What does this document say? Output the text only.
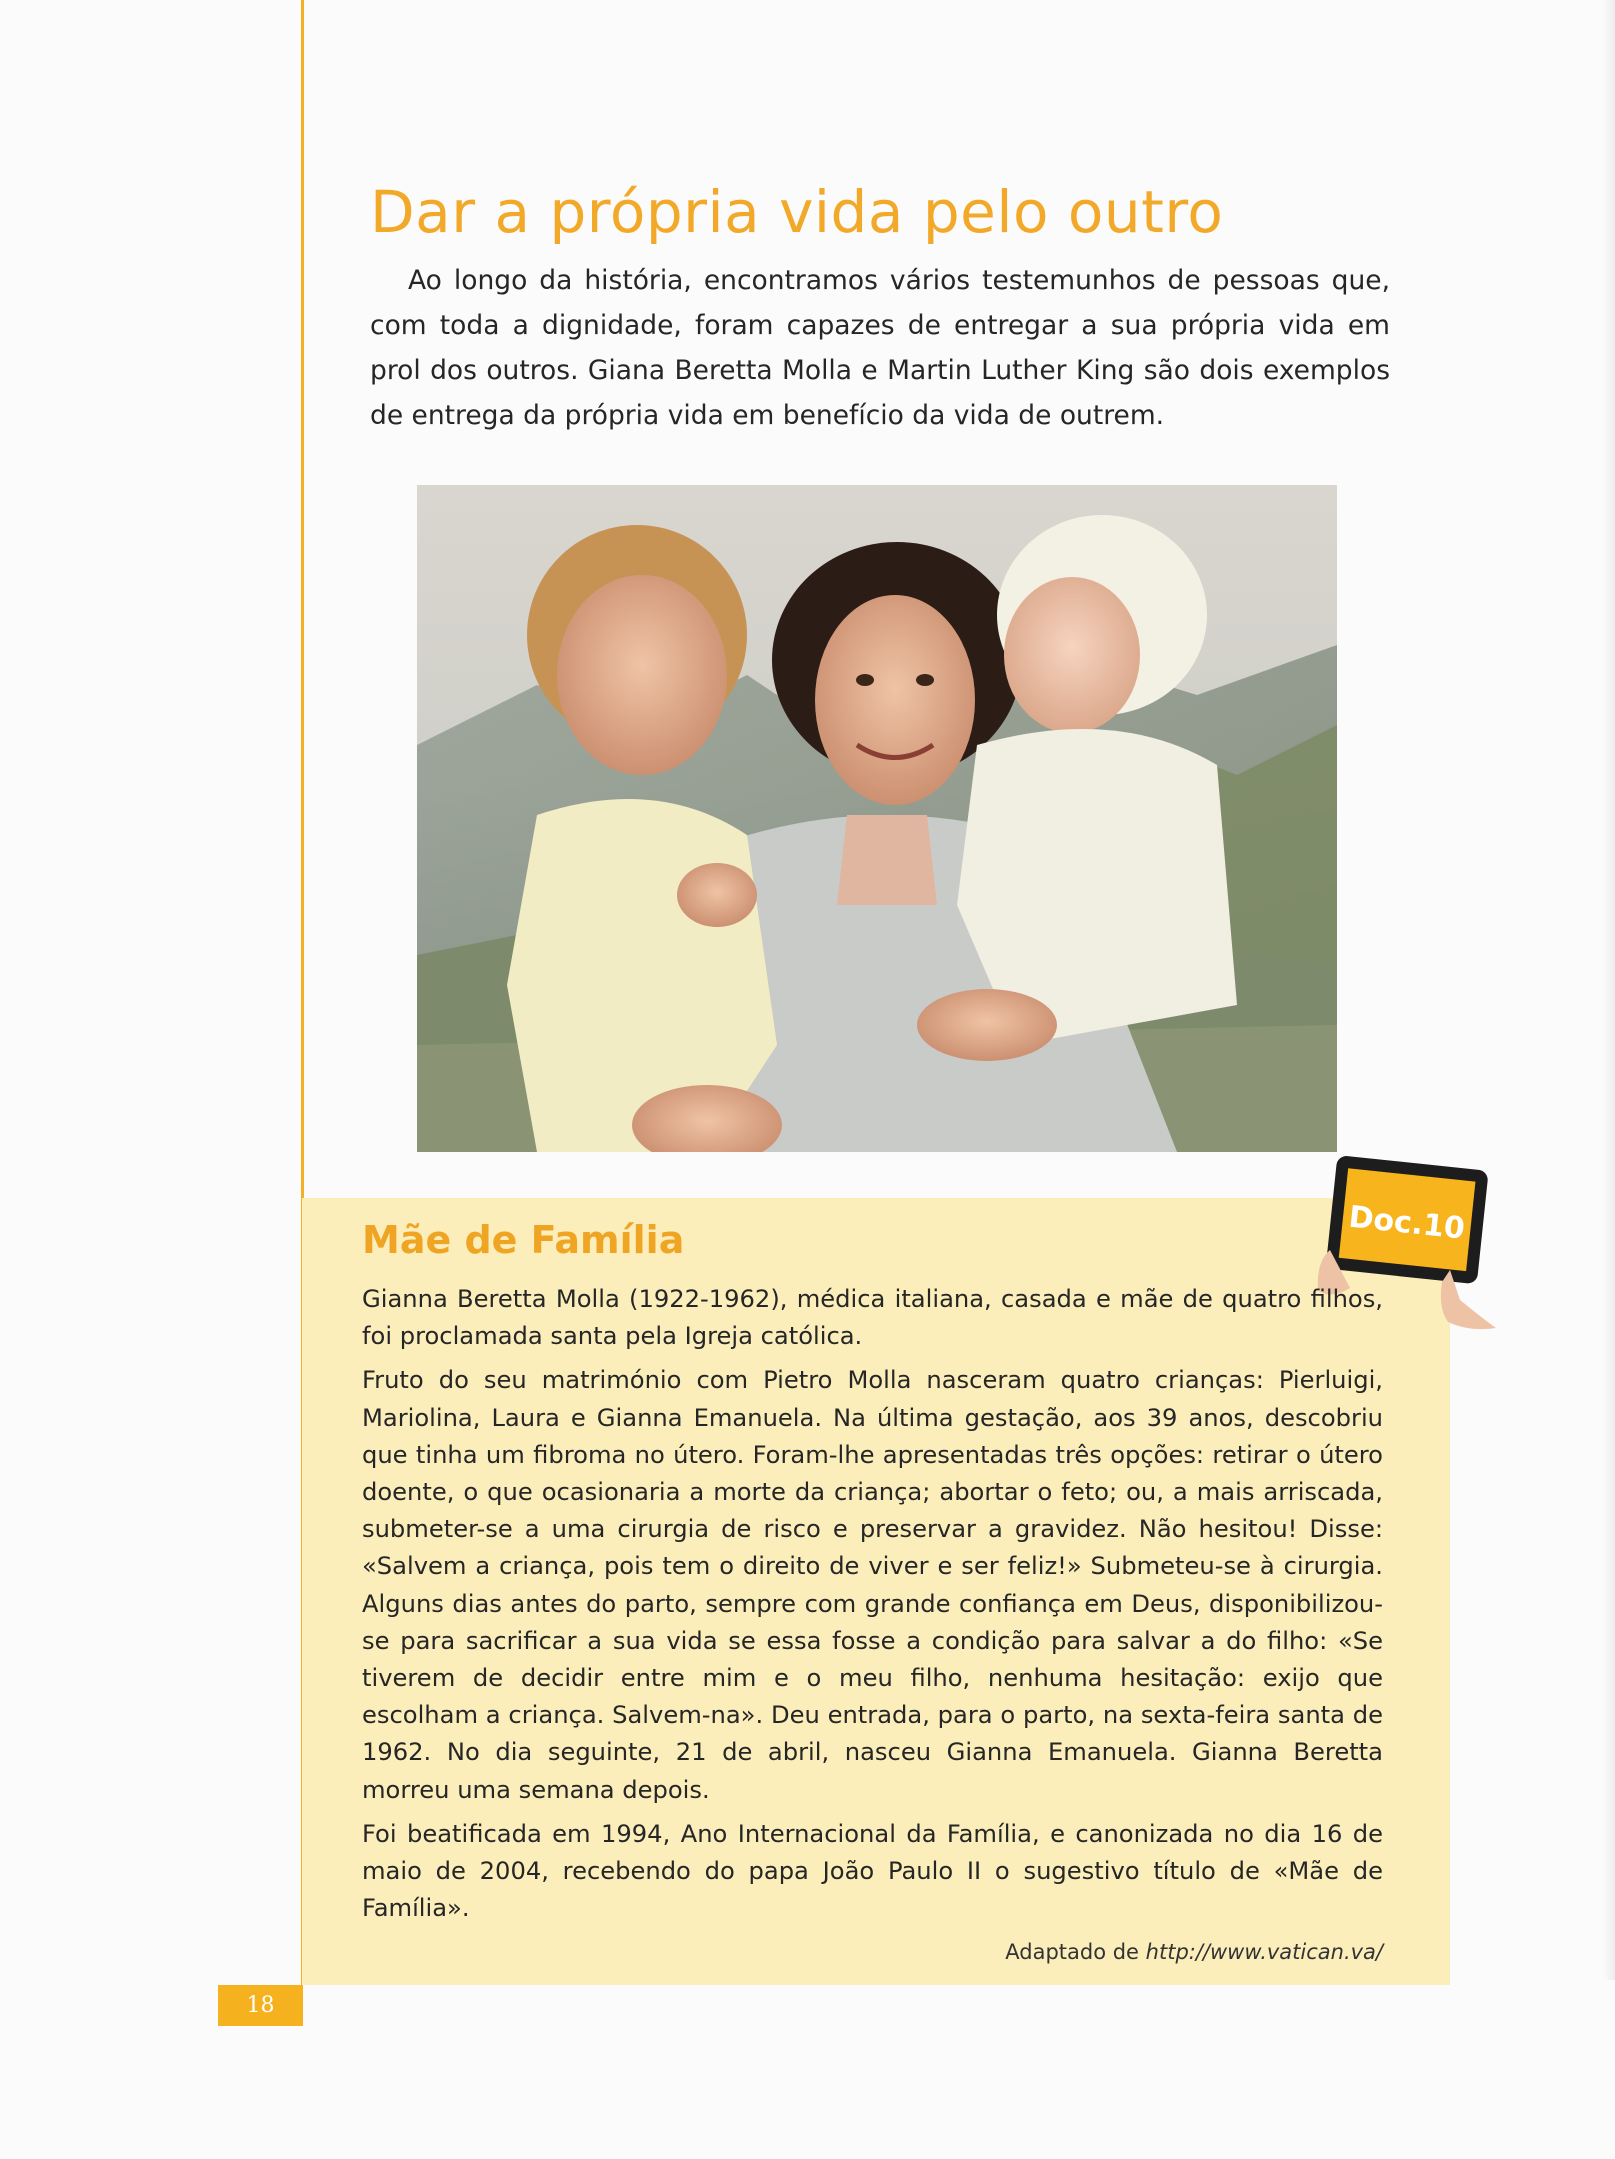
Dar a própria vida pelo outro

Ao longo da história, encontramos vários testemunhos de pessoas que, com toda a dignidade, foram capazes de entregar a sua própria vida em prol dos outros. Giana Beretta Molla e Martin Luther King são dois exemplos de entrega da própria vida em benefício da vida de outrem.

Mãe de Família	Doc.10

Gianna Beretta Molla (1922-1962), médica italiana, casada e mãe de quatro filhos, foi proclamada santa pela Igreja católica.

Fruto do seu matrimónio com Pietro Molla nasceram quatro crianças: Pierluigi, Mariolina, Laura e Gianna Emanuela. Na última gestação, aos 39 anos, descobriu que tinha um fibroma no útero. Foram-lhe apresentadas três opções: retirar o útero doente, o que ocasionaria a morte da criança; abortar o feto; ou, a mais arriscada, submeter-se a uma cirurgia de risco e preservar a gravidez. Não hesitou! Disse: «Salvem a criança, pois tem o direito de viver e ser feliz!» Submeteu-se à cirurgia. Alguns dias antes do parto, sempre com grande confiança em Deus, disponibilizou-se para sacrificar a sua vida se essa fosse a condição para salvar a do filho: «Se tiverem de decidir entre mim e o meu filho, nenhuma hesitação: exijo que escolham a criança. Salvem-na». Deu entrada, para o parto, na sexta-feira santa de 1962. No dia seguinte, 21 de abril, nasceu Gianna Emanuela. Gianna Beretta morreu uma semana depois.

Foi beatificada em 1994, Ano Internacional da Família, e canonizada no dia 16 de maio de 2004, recebendo do papa João Paulo II o sugestivo título de «Mãe de Família».

Adaptado de http://www.vatican.va/
18
